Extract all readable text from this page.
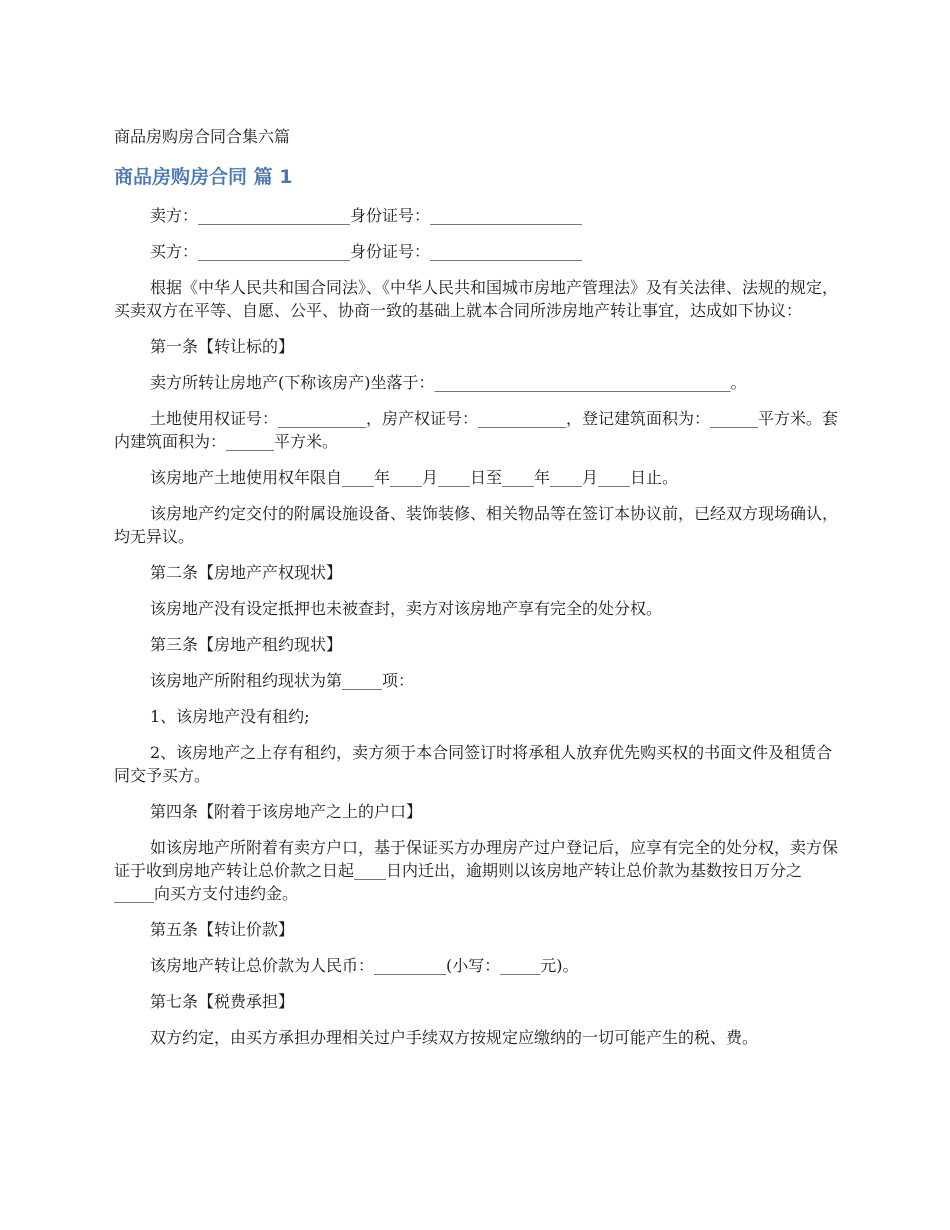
商品房购房合同合集六篇
商品房购房合同 篇 1

卖方：___________________身份证号：___________________

买方：___________________身份证号：___________________

根据《中华人民共和国合同法》、《中华人民共和国城市房地产管理法》及有关法律、法规的规定，买卖双方在平等、自愿、公平、协商一致的基础上就本合同所涉房地产转让事宜，达成如下协议：

第一条【转让标的】

卖方所转让房地产(下称该房产)坐落于：_____________________________________。

土地使用权证号：___________，房产权证号：___________，登记建筑面积为：______平方米。套内建筑面积为：______平方米。

该房地产土地使用权年限自____年____月____日至____年____月____日止。

该房地产约定交付的附属设施设备、装饰装修、相关物品等在签订本协议前，已经双方现场确认，均无异议。

第二条【房地产产权现状】

该房地产没有设定抵押也未被查封，卖方对该房地产享有完全的处分权。

第三条【房地产租约现状】

该房地产所附租约现状为第_____项：

1、该房地产没有租约;

2、该房地产之上存有租约，卖方须于本合同签订时将承租人放弃优先购买权的书面文件及租赁合同交予买方。

第四条【附着于该房地产之上的户口】

如该房地产所附着有卖方户口，基于保证买方办理房产过户登记后，应享有完全的处分权，卖方保证于收到房地产转让总价款之日起____日内迁出，逾期则以该房地产转让总价款为基数按日万分之_____向买方支付违约金。

第五条【转让价款】

该房地产转让总价款为人民币：_________(小写：_____元)。

第七条【税费承担】

双方约定，由买方承担办理相关过户手续双方按规定应缴纳的一切可能产生的税、费。
